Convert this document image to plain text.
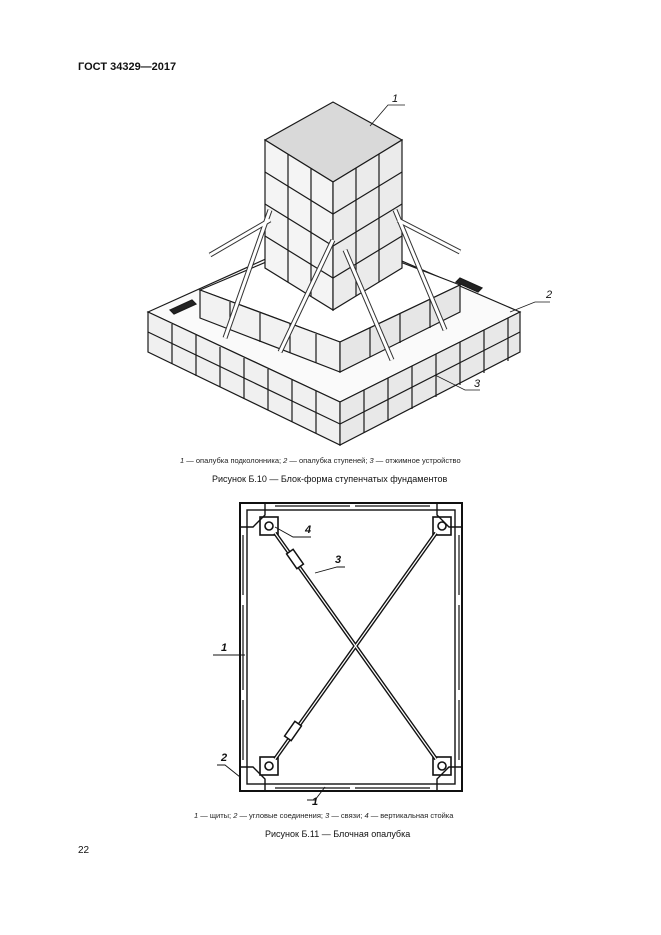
ГОСТ 34329—2017
1
2
3
1 — опалубка подколонника; 2 — опалубка ступеней; 3 — отжимное устройство
Рисунок Б.10 — Блок-форма ступенчатых фундаментов
4
3
1
2
1
1 — щиты; 2 — угловые соединения; 3 — связи; 4 — вертикальная стойка
Рисунок Б.11 — Блочная опалубка
22
